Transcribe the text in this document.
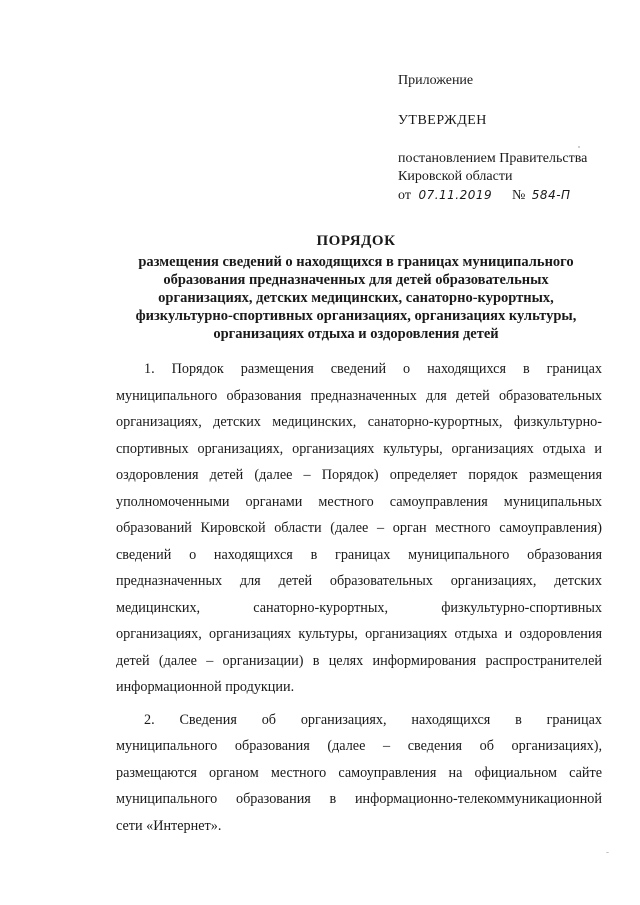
Приложение
УТВЕРЖДЕН
постановлением Правительства
Кировской области
от 07.11.2019 № 584-П
ПОРЯДОК
размещения сведений о находящихся в границах муниципального
образования предназначенных для детей образовательных
организациях, детских медицинских, санаторно-курортных,
физкультурно-спортивных организациях, организациях культуры,
организациях отдыха и оздоровления детей
1. Порядок размещения сведений о находящихся в границах
муниципального образования предназначенных для детей образовательных
организациях, детских медицинских, санаторно-курортных, физкультурно-
спортивных организациях, организациях культуры, организациях отдыха и
оздоровления детей (далее – Порядок) определяет порядок размещения
уполномоченными органами местного самоуправления муниципальных
образований Кировской области (далее – орган местного самоуправления)
сведений о находящихся в границах муниципального образования
предназначенных для детей образовательных организациях, детских
медицинских, санаторно-курортных, физкультурно-спортивных
организациях, организациях культуры, организациях отдыха и оздоровления
детей (далее – организации) в целях информирования распространителей
информационной продукции.
2. Сведения об организациях, находящихся в границах
муниципального образования (далее – сведения об организациях),
размещаются органом местного самоуправления на официальном сайте
муниципального образования в информационно-телекоммуникационной
сети «Интернет».
